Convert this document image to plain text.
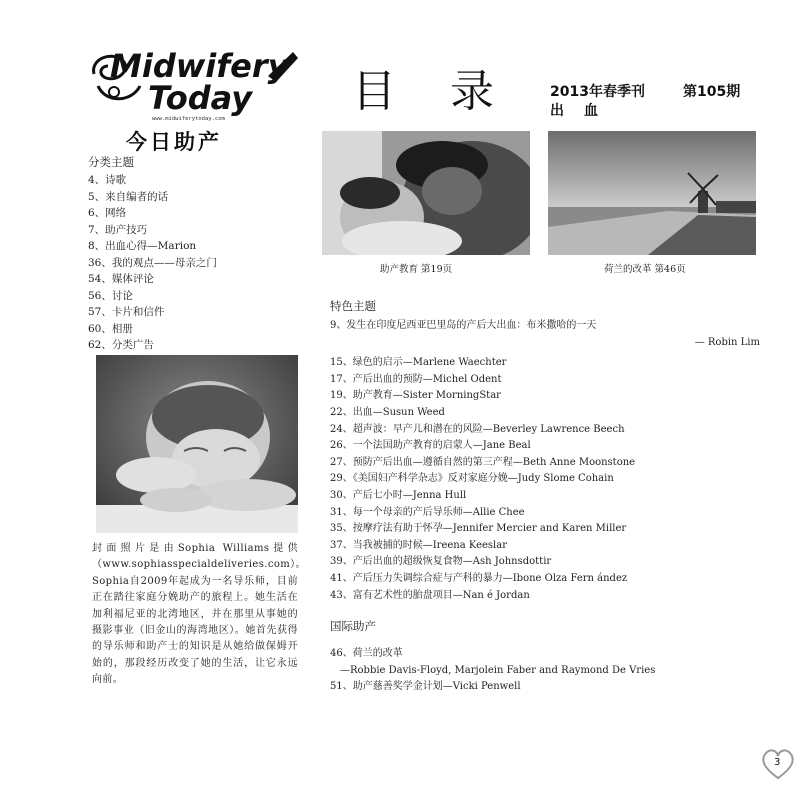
Midwifery
Today
www.midwiferytoday.com
今日助产
目录 2013年春季刊	第105期
出血
分类主题
4、诗歌
5、来自编者的话
6、网络
7、助产技巧
8、出血心得—Marion
36、我的观点——母亲之门
54、媒体评论
56、讨论
57、卡片和信件
60、相册
62、分类广告
封面照片是由Sophia Williams提供（www.sophiasspecialdeliveries.com）。Sophia自2009年起成为一名导乐师，目前正在踏往家庭分娩助产的旅程上。她生活在加利福尼亚的北湾地区，并在那里从事她的摄影事业（旧金山的海湾地区）。她首先获得的导乐师和助产士的知识是从她给做保姆开始的，那段经历改变了她的生活，让它永远向前。
助产教育 第19页	荷兰的改革 第46页
特色主题
9、发生在印度尼西亚巴里岛的产后大出血：布米撒哈的一天
— Robin Lim
15、绿色的启示—Marlene Waechter
17、产后出血的预防—Michel Odent
19、助产教育—Sister MorningStar
22、出血—Susun Weed
24、超声波：早产儿和潜在的风险—Beverley Lawrence Beech
26、一个法国助产教育的启蒙人—Jane Beal
27、预防产后出血—遵循自然的第三产程—Beth Anne Moonstone
29、《美国妇产科学杂志》反对家庭分娩—Judy Slome Cohain
30、产后七小时—Jenna Hull
31、每一个母亲的产后导乐师—Allie Chee
35、按摩疗法有助于怀孕—Jennifer Mercier and Karen Miller
37、当我被捕的时候—Ireena Keeslar
39、产后出血的超级恢复食物—Ash Johnsdottir
41、产后压力失调综合症与产科的暴力—Ibone Olza Fern ández
43、富有艺术性的胎盘项目—Nan é Jordan
国际助产
46、荷兰的改革
—Robbie Davis-Floyd, Marjolein Faber and Raymond De Vries
51、助产慈善奖学金计划—Vicki Penwell
3
